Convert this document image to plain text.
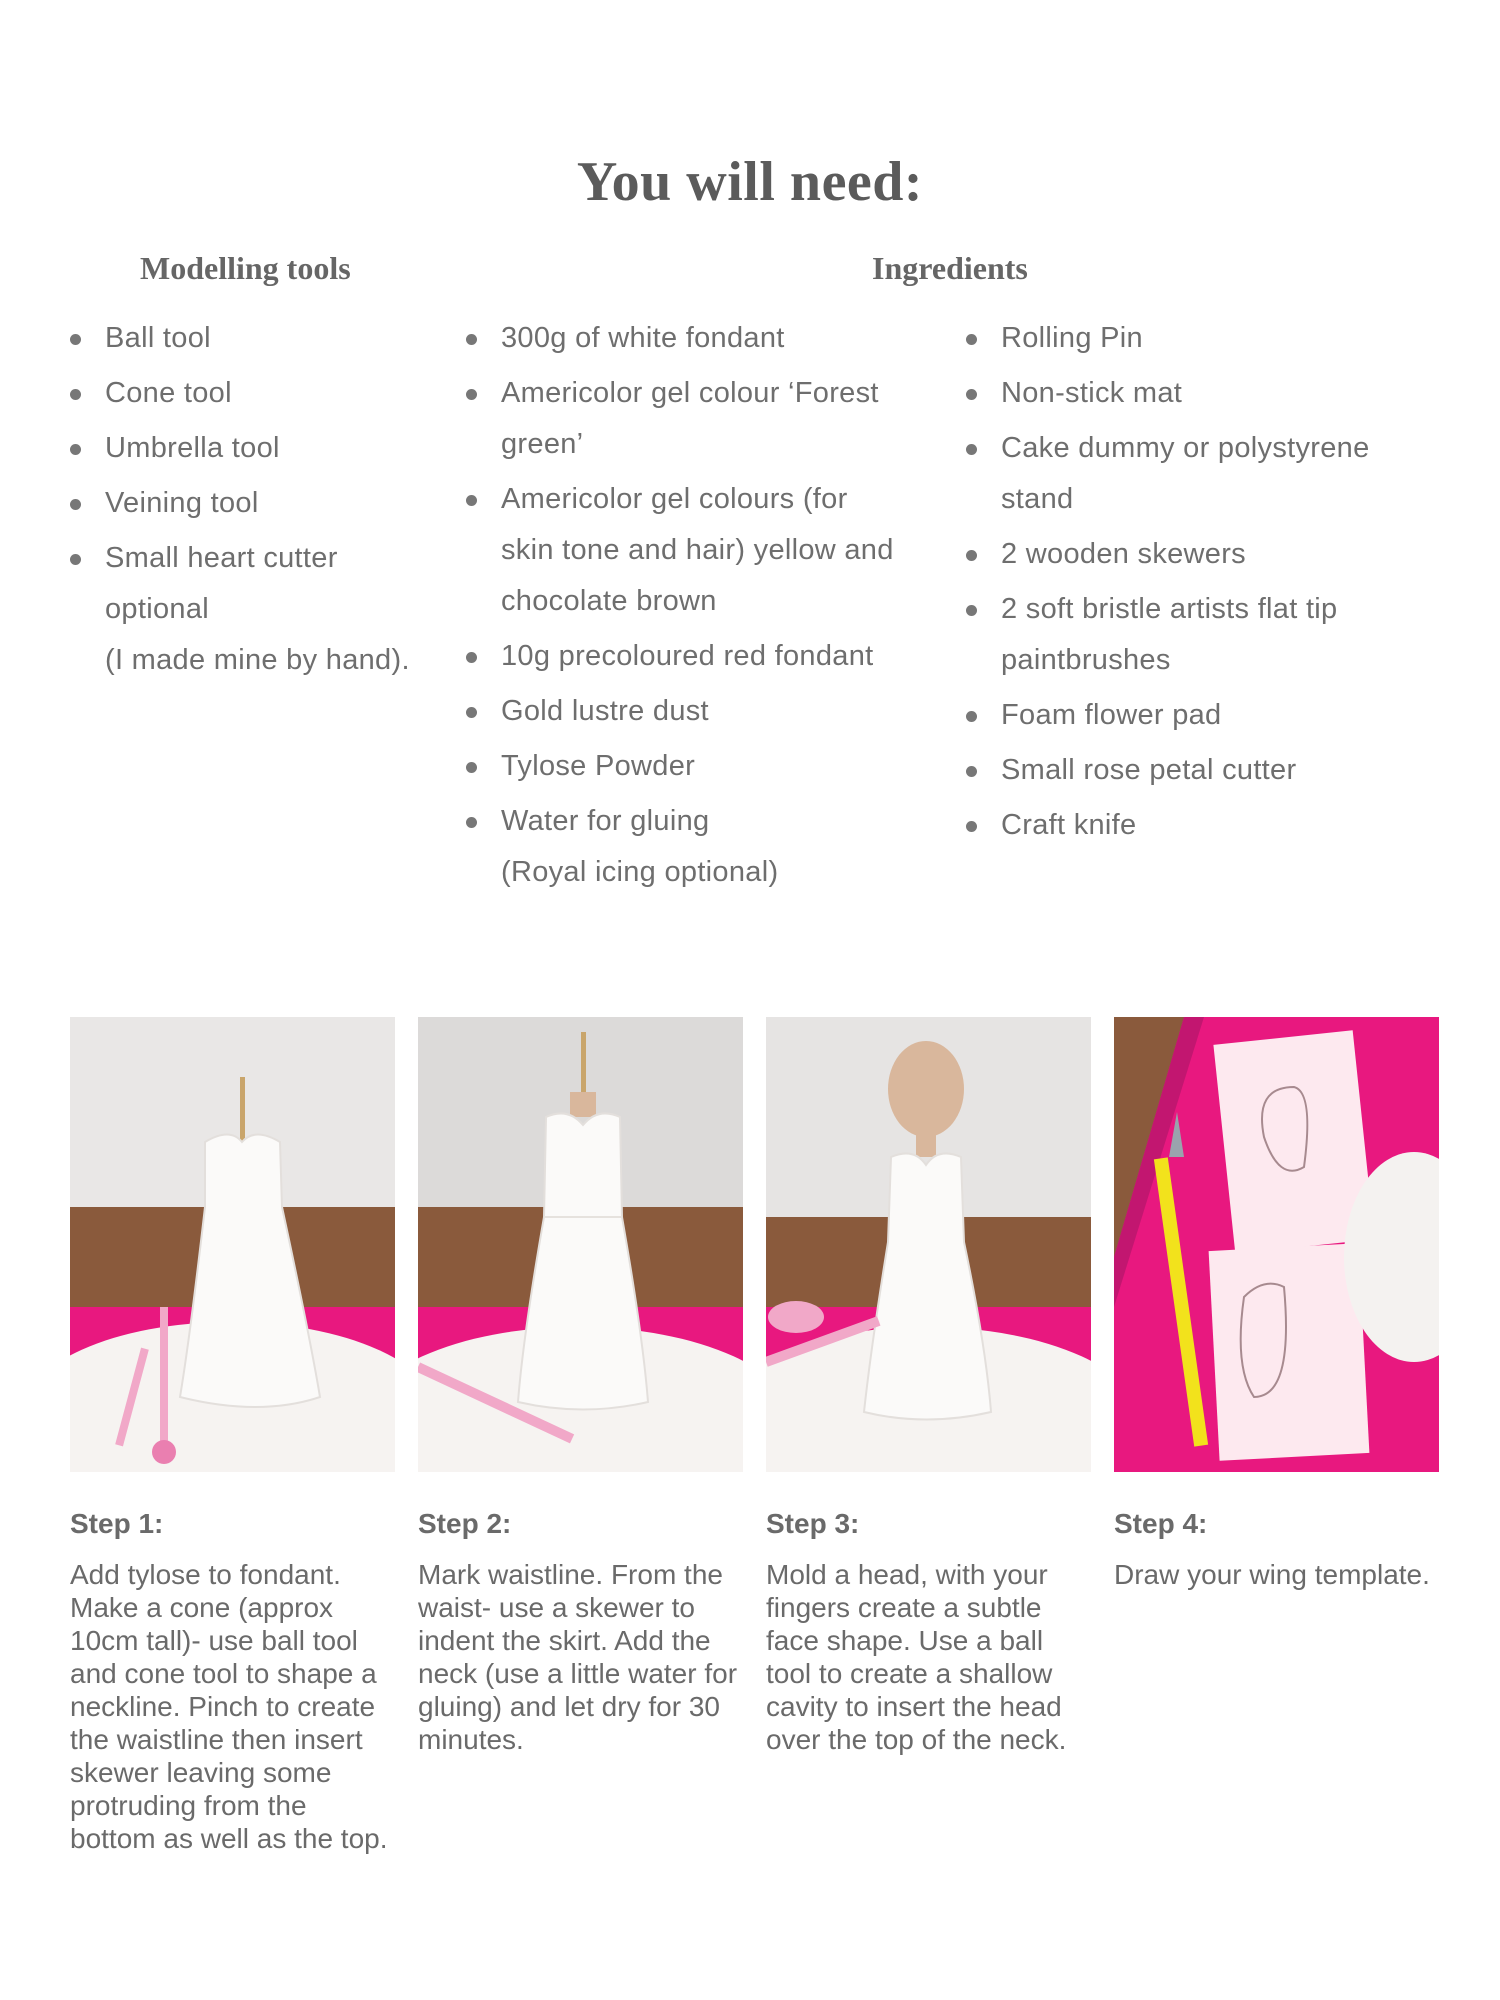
You will need:
Modelling tools	Ingredients
Ball tool
Cone tool
Umbrella tool
Veining tool
Small heart cutter
optional
(I made mine by hand).
300g of white fondant
Americolor gel colour ‘Forest green’
Americolor gel colours (for skin tone and hair) yellow and chocolate brown
10g precoloured red fondant
Gold lustre dust
Tylose Powder
Water for gluing
(Royal icing optional)
Rolling Pin
Non-stick mat
Cake dummy or polystyrene stand
2 wooden skewers
2 soft bristle artists flat tip paintbrushes
Foam flower pad
Small rose petal cutter
Craft knife
Step 1:
Add tylose to fondant. Make a cone (approx 10cm tall)- use ball tool and cone tool to shape a neckline. Pinch to create the waistline then insert skewer leaving some protruding from the bottom as well as the top.
Step 2:
Mark waistline. From the waist- use a skewer to indent the skirt. Add the neck (use a little water for gluing) and let dry for 30 minutes.
Step 3:
Mold a head, with your fingers create a subtle face shape. Use a ball tool to create a shallow cavity to insert the head over the top of the neck.
Step 4:
Draw your wing template.
